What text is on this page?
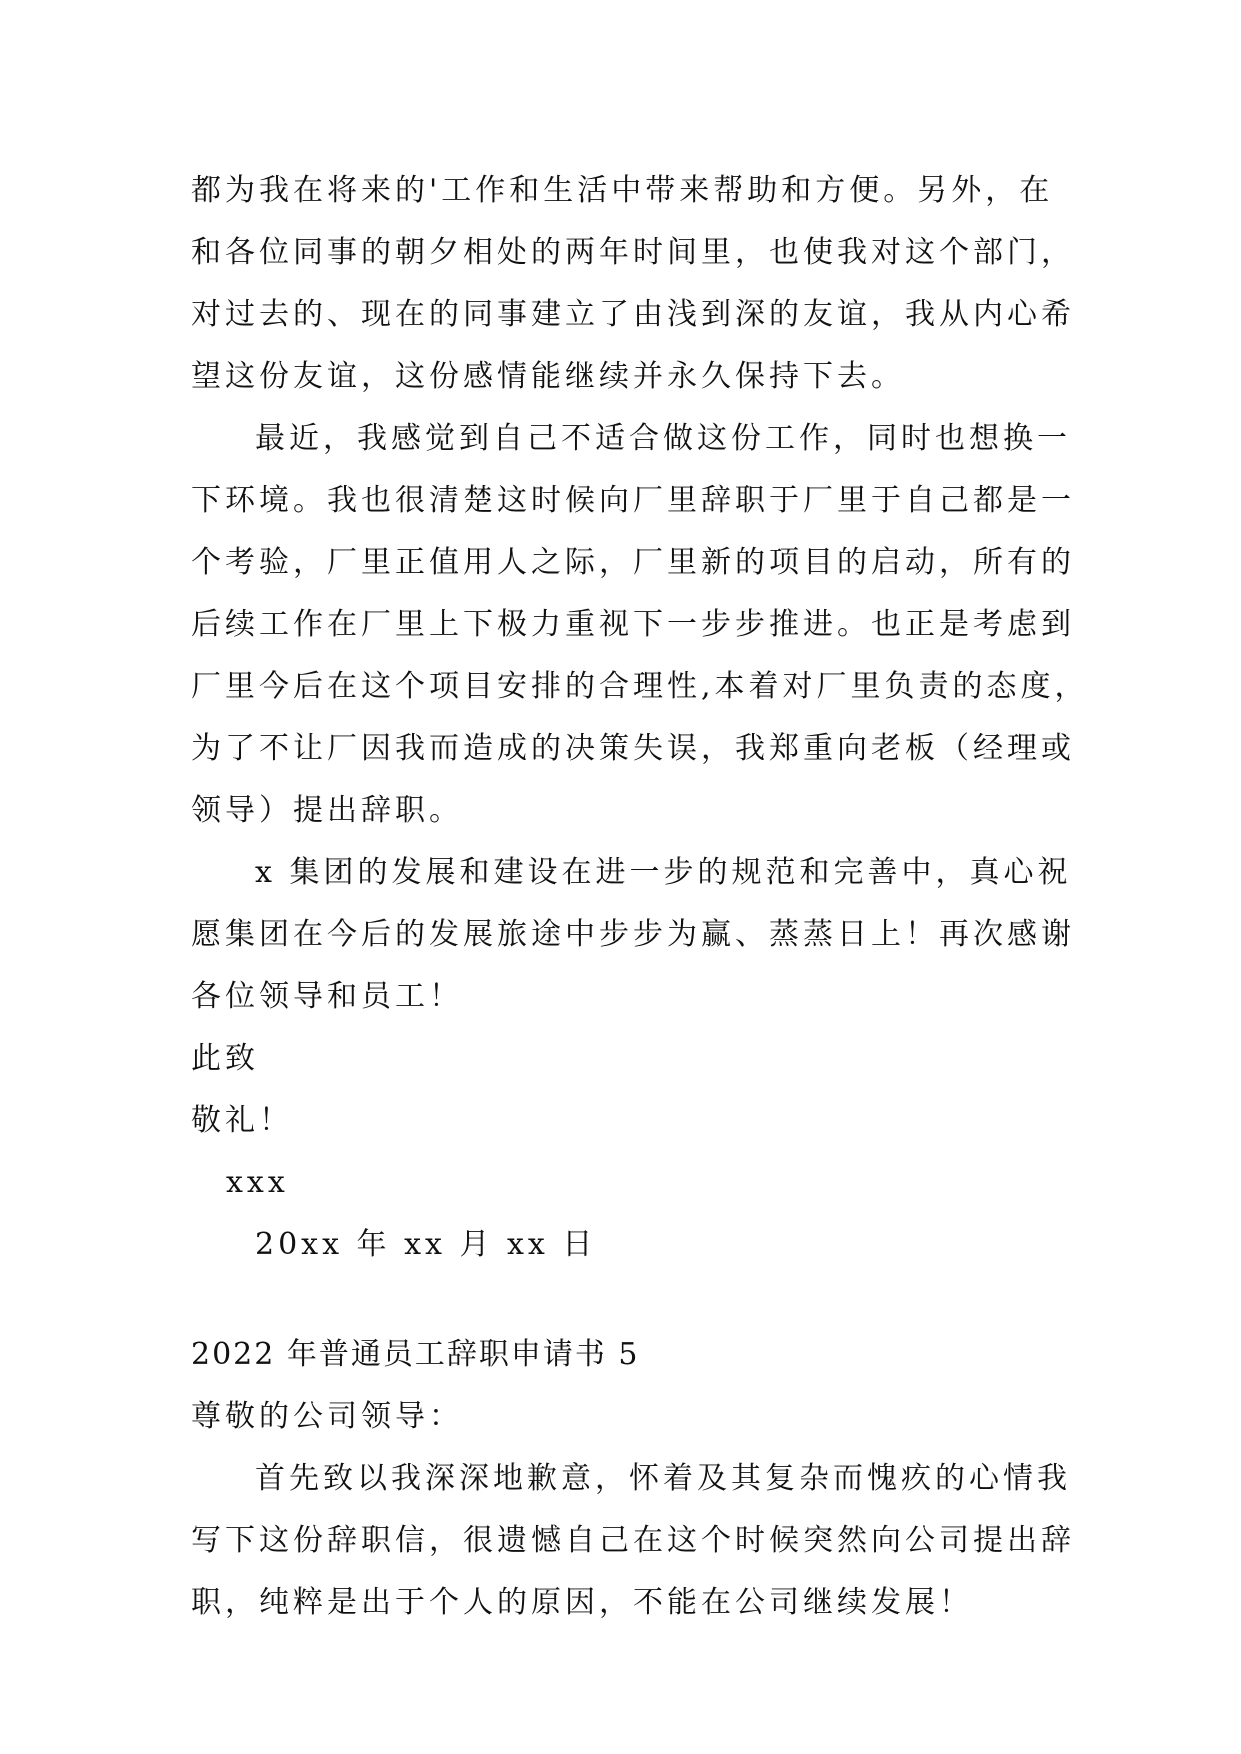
都为我在将来的'工作和生活中带来帮助和方便。另外，在
和各位同事的朝夕相处的两年时间里，也使我对这个部门，
对过去的、现在的同事建立了由浅到深的友谊，我从内心希
望这份友谊，这份感情能继续并永久保持下去。
最近，我感觉到自己不适合做这份工作，同时也想换一
下环境。我也很清楚这时候向厂里辞职于厂里于自己都是一
个考验，厂里正值用人之际，厂里新的项目的启动，所有的
后续工作在厂里上下极力重视下一步步推进。也正是考虑到
厂里今后在这个项目安排的合理性,本着对厂里负责的态度，
为了不让厂因我而造成的决策失误，我郑重向老板（经理或
领导）提出辞职。
x 集团的发展和建设在进一步的规范和完善中，真心祝
愿集团在今后的发展旅途中步步为赢、蒸蒸日上！再次感谢
各位领导和员工！
此致
敬礼！
xxx
20xx 年 xx 月 xx 日
2022 年普通员工辞职申请书 5
尊敬的公司领导：
首先致以我深深地歉意，怀着及其复杂而愧疚的心情我
写下这份辞职信，很遗憾自己在这个时候突然向公司提出辞
职，纯粹是出于个人的原因，不能在公司继续发展！
